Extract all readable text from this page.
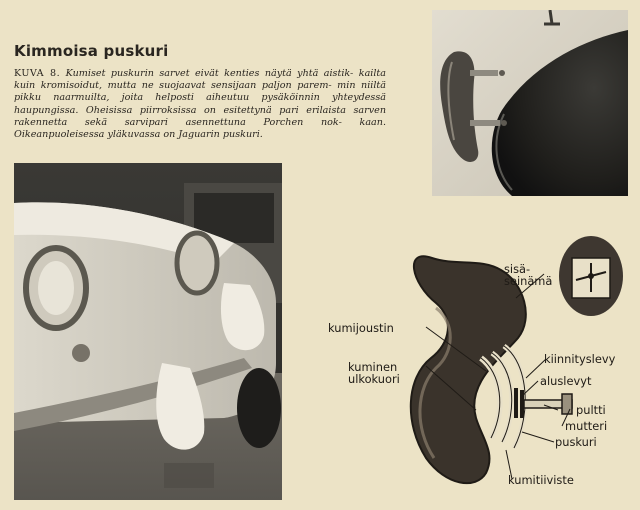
Kimmoisa puskuri
KUVA 8. Kumiset puskurin sarvet eivät kenties näytä yhtä aistik- kailta kuin kromisoidut, mutta ne suojaavat sensijaan paljon parem- min niiltä pikku naarmuilta, joita helposti aiheutuu pysäköinnin yhteydessä haupungissa. Oheisissa piirroksissa on esitettynä pari erilaista sarven rakennetta sekä sarvipari asennettuna Porchen nok- kaan. Oikeanpuoleisessa yläkuvassa on Jaguarin puskuri.
sisä-
seinämä
kumijoustin
kuminen
ulkokuori
kiinnityslevy
aluslevyt
pultti
mutteri
puskuri
kumitiiviste
